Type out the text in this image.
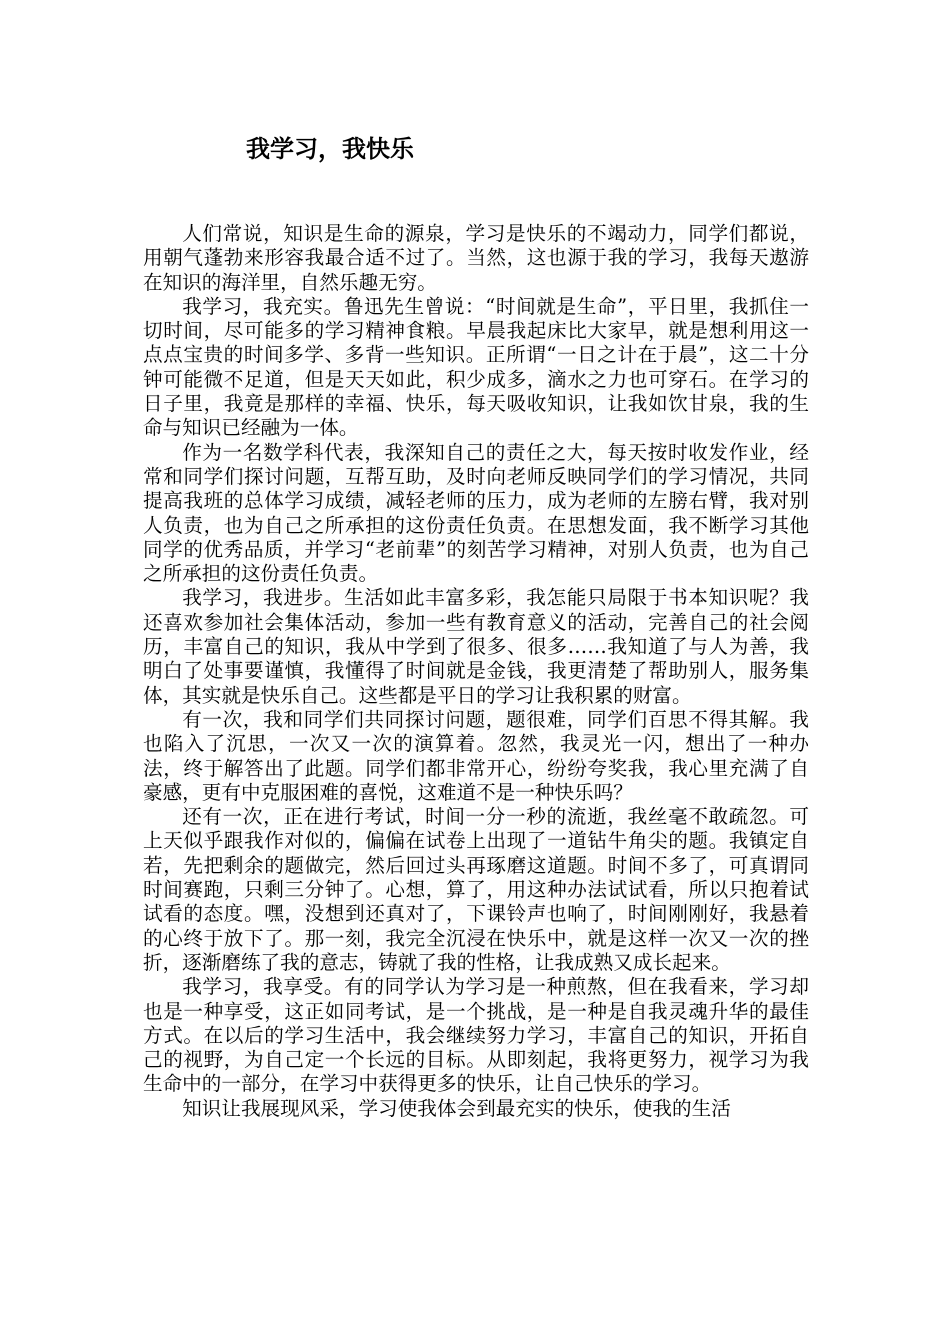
我学习，我快乐

人们常说，知识是生命的源泉，学习是快乐的不竭动力，同学们都说，用朝气蓬勃来形容我最合适不过了。当然，这也源于我的学习，我每天遨游在知识的海洋里，自然乐趣无穷。

我学习，我充实。鲁迅先生曾说：“时间就是生命”，平日里，我抓住一切时间，尽可能多的学习精神食粮。早晨我起床比大家早，就是想利用这一点点宝贵的时间多学、多背一些知识。正所谓“一日之计在于晨”，这二十分钟可能微不足道，但是天天如此，积少成多，滴水之力也可穿石。在学习的日子里，我竟是那样的幸福、快乐，每天吸收知识，让我如饮甘泉，我的生命与知识已经融为一体。

作为一名数学科代表，我深知自己的责任之大，每天按时收发作业，经常和同学们探讨问题，互帮互助，及时向老师反映同学们的学习情况，共同提高我班的总体学习成绩，减轻老师的压力，成为老师的左膀右臂，我对别人负责，也为自己之所承担的这份责任负责。在思想发面，我不断学习其他同学的优秀品质，并学习“老前辈”的刻苦学习精神，对别人负责，也为自己之所承担的这份责任负责。

我学习，我进步。生活如此丰富多彩，我怎能只局限于书本知识呢？我还喜欢参加社会集体活动，参加一些有教育意义的活动，完善自己的社会阅历，丰富自己的知识，我从中学到了很多、很多……我知道了与人为善，我明白了处事要谨慎，我懂得了时间就是金钱，我更清楚了帮助别人，服务集体，其实就是快乐自己。这些都是平日的学习让我积累的财富。

有一次，我和同学们共同探讨问题，题很难，同学们百思不得其解。我也陷入了沉思，一次又一次的演算着。忽然，我灵光一闪，想出了一种办法，终于解答出了此题。同学们都非常开心，纷纷夸奖我，我心里充满了自豪感，更有中克服困难的喜悦，这难道不是一种快乐吗？

还有一次，正在进行考试，时间一分一秒的流逝，我丝毫不敢疏忽。可上天似乎跟我作对似的，偏偏在试卷上出现了一道钻牛角尖的题。我镇定自若，先把剩余的题做完，然后回过头再琢磨这道题。时间不多了，可真谓同时间赛跑，只剩三分钟了。心想，算了，用这种办法试试看，所以只抱着试试看的态度。嘿，没想到还真对了，下课铃声也响了，时间刚刚好，我悬着的心终于放下了。那一刻，我完全沉浸在快乐中，就是这样一次又一次的挫折，逐渐磨练了我的意志，铸就了我的性格，让我成熟又成长起来。

我学习，我享受。有的同学认为学习是一种煎熬，但在我看来，学习却也是一种享受，这正如同考试，是一个挑战，是一种是自我灵魂升华的最佳方式。在以后的学习生活中，我会继续努力学习，丰富自己的知识，开拓自己的视野，为自己定一个长远的目标。从即刻起，我将更努力，视学习为我生命中的一部分，在学习中获得更多的快乐，让自己快乐的学习。

知识让我展现风采，学习使我体会到最充实的快乐，使我的生活
